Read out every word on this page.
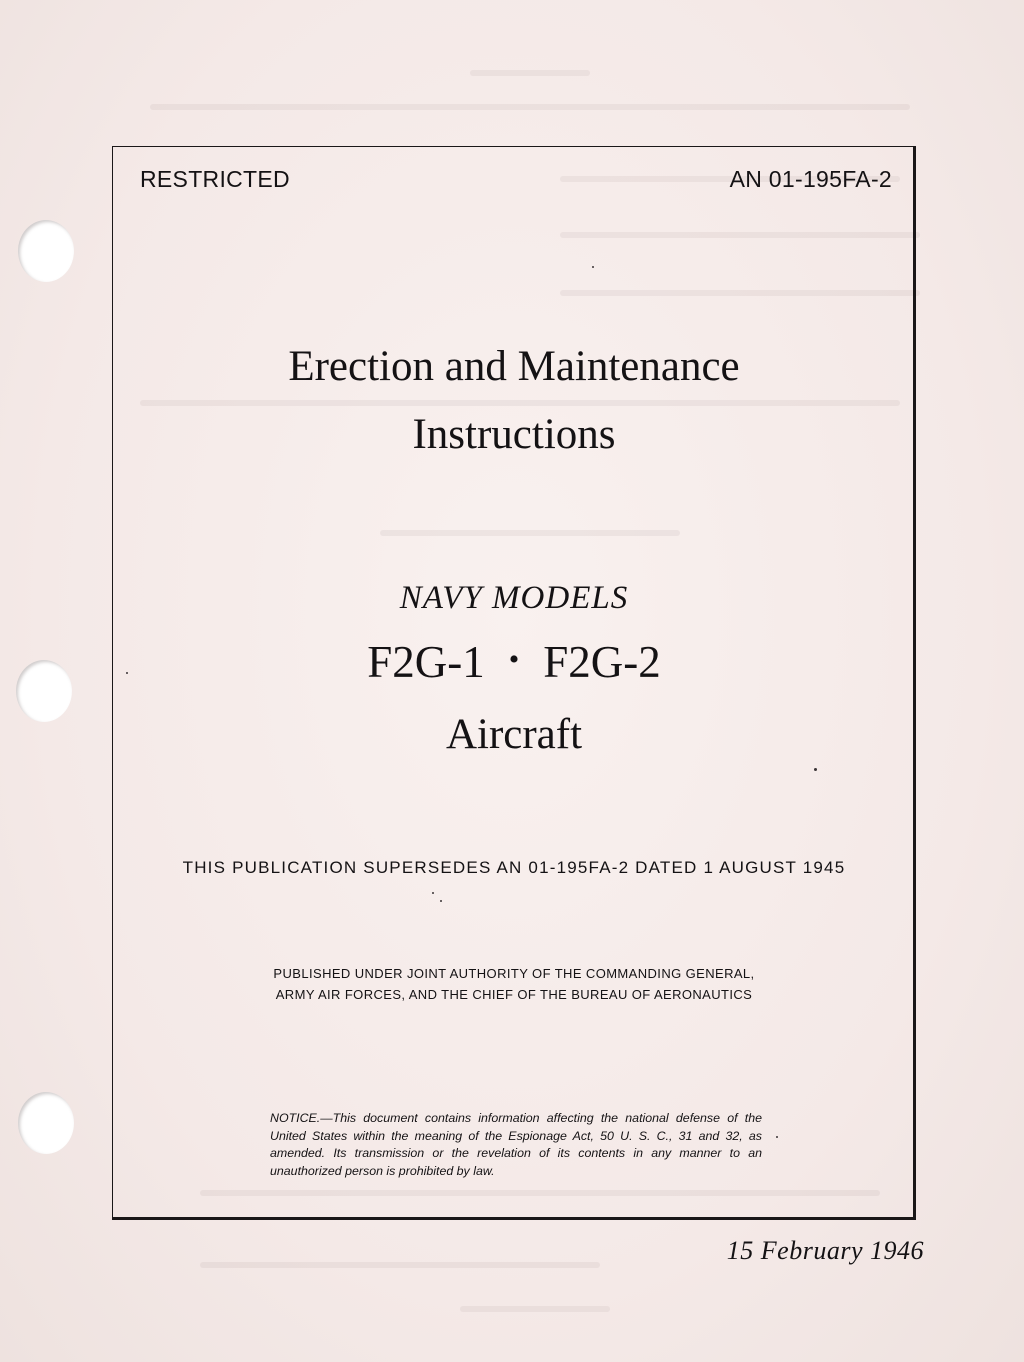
RESTRICTED	AN 01-195FA-2
Erection and Maintenance
Instructions
NAVY MODELS
F2G-1 • F2G-2
Aircraft
THIS PUBLICATION SUPERSEDES AN 01-195FA-2 DATED 1 AUGUST 1945
PUBLISHED UNDER JOINT AUTHORITY OF THE COMMANDING GENERAL,
ARMY AIR FORCES, AND THE CHIEF OF THE BUREAU OF AERONAUTICS
NOTICE.—This document contains information affecting the national defense of the United States within the meaning of the Espionage Act, 50 U. S. C., 31 and 32, as amended. Its transmission or the revelation of its contents in any manner to an unauthorized person is prohibited by law.
15 February 1946
